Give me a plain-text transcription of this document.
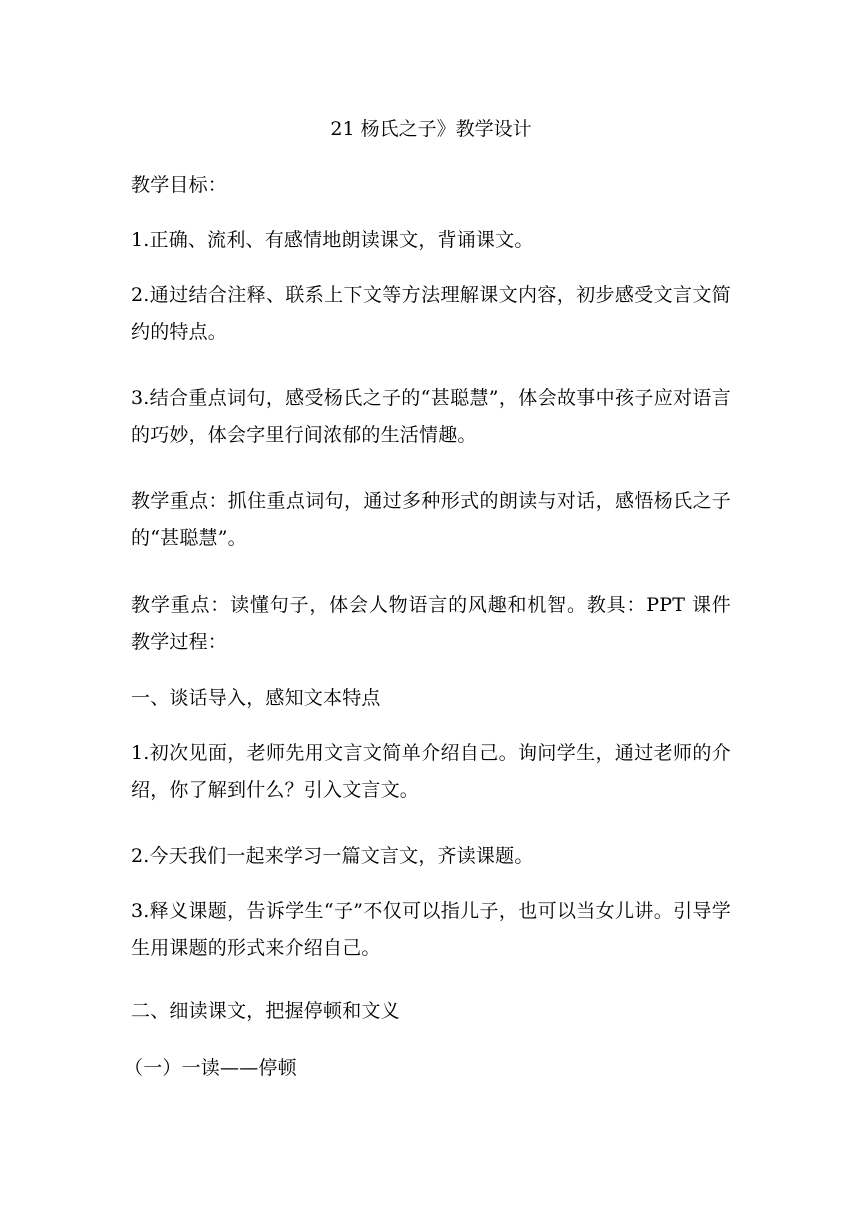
21 杨氏之子》教学设计
教学目标：
1.正确、流利、有感情地朗读课文，背诵课文。
2.通过结合注释、联系上下文等方法理解课文内容，初步感受文言文简约的特点。
3.结合重点词句，感受杨氏之子的“甚聪慧”，体会故事中孩子应对语言的巧妙，体会字里行间浓郁的生活情趣。
教学重点：抓住重点词句，通过多种形式的朗读与对话，感悟杨氏之子的“甚聪慧”。
教学重点：读懂句子，体会人物语言的风趣和机智。教具：PPT 课件教学过程：
一、谈话导入，感知文本特点
1.初次见面，老师先用文言文简单介绍自己。询问学生，通过老师的介绍，你了解到什么？引入文言文。
2.今天我们一起来学习一篇文言文，齐读课题。
3.释义课题，告诉学生“子”不仅可以指儿子，也可以当女儿讲。引导学生用课题的形式来介绍自己。
二、细读课文，把握停顿和文义
（一）一读——停顿
